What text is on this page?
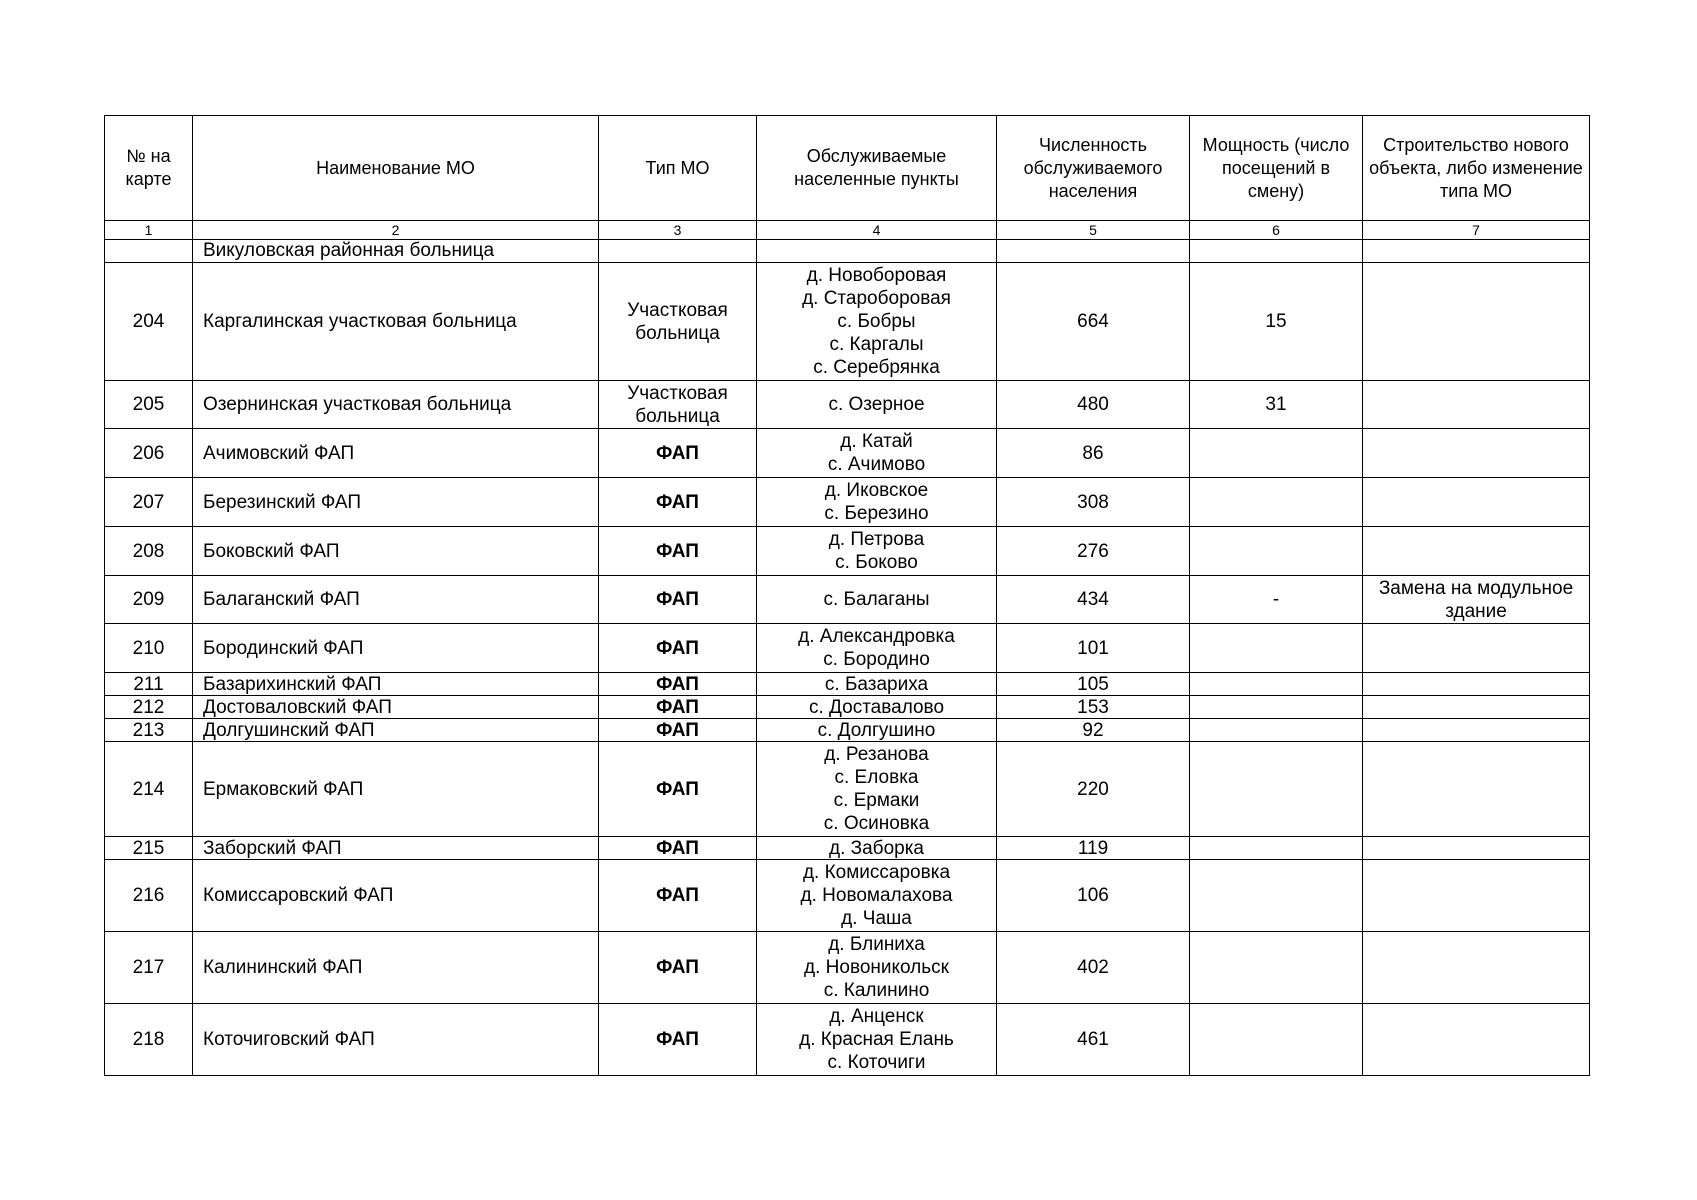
№ на карте	Наименование МО	Тип МО	Обслуживаемые населенные пункты	Численность обслуживаемого населения	Мощность (число посещений в смену)	Строительство нового объекта, либо изменение типа МО
1	2	3	4	5	6	7
	Викуловская районная больница					
204	Каргалинская участковая больница	Участковая больница	д. Новоборовая
д. Староборовая
с. Бобры
с. Каргалы
с. Серебрянка	664	15	
205	Озернинская участковая больница	Участковая больница	с. Озерное	480	31	
206	Ачимовский ФАП	ФАП	д. Катай
с. Ачимово	86		
207	Березинский ФАП	ФАП	д. Иковское
с. Березино	308		
208	Боковский ФАП	ФАП	д. Петрова
с. Боково	276		
209	Балаганский ФАП	ФАП	с. Балаганы	434	-	Замена на модульное здание
210	Бородинский ФАП	ФАП	д. Александровка
с. Бородино	101		
211	Базарихинский ФАП	ФАП	с. Базариха	105		
212	Достоваловский ФАП	ФАП	с. Доставалово	153		
213	Долгушинский ФАП	ФАП	с. Долгушино	92		
214	Ермаковский ФАП	ФАП	д. Резанова
с. Еловка
с. Ермаки
с. Осиновка	220		
215	Заборский ФАП	ФАП	д. Заборка	119		
216	Комиссаровский ФАП	ФАП	д. Комиссаровка
д. Новомалахова
д. Чаша	106		
217	Калининский ФАП	ФАП	д. Блиниха
д. Новоникольск
с. Калинино	402		
218	Коточиговский ФАП	ФАП	д. Анценск
д. Красная Елань
с. Коточиги	461		
